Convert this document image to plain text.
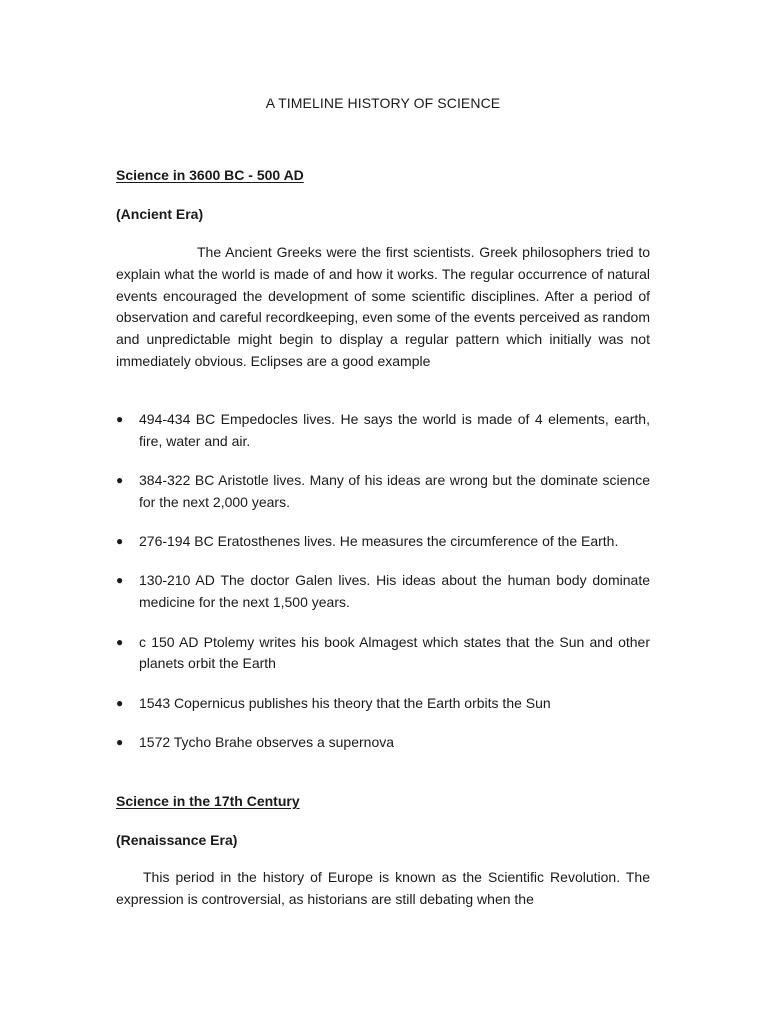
A TIMELINE HISTORY OF SCIENCE
Science in 3600 BC - 500 AD
(Ancient Era)

The Ancient Greeks were the first scientists. Greek philosophers tried to explain what the world is made of and how it works. The regular occurrence of natural events encouraged the development of some scientific disciplines. After a period of observation and careful recordkeeping, even some of the events perceived as random and unpredictable might begin to display a regular pattern which initially was not immediately obvious. Eclipses are a good example

● 494-434 BC Empedocles lives. He says the world is made of 4 elements, earth, fire, water and air.
● 384-322 BC Aristotle lives. Many of his ideas are wrong but the dominate science for the next 2,000 years.
● 276-194 BC Eratosthenes lives. He measures the circumference of the Earth.
● 130-210 AD The doctor Galen lives. His ideas about the human body dominate medicine for the next 1,500 years.
● c 150 AD Ptolemy writes his book Almagest which states that the Sun and other planets orbit the Earth
● 1543 Copernicus publishes his theory that the Earth orbits the Sun
● 1572 Tycho Brahe observes a supernova
Science in the 17th Century
(Renaissance Era)

This period in the history of Europe is known as the Scientific Revolution. The expression is controversial, as historians are still debating when the
